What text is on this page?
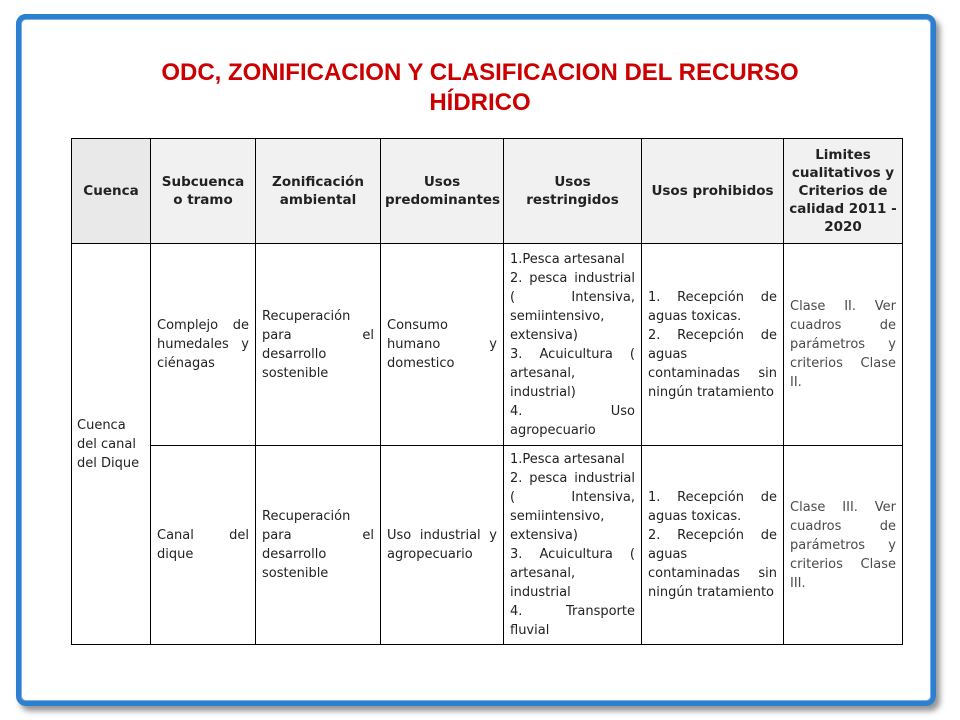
ODC, ZONIFICACION Y CLASIFICACION DEL RECURSO
HÍDRICO
Cuenca	Subcuenca o tramo	Zonificación ambiental	Usos predominantes	Usos restringidos	Usos prohibidos	Limites cualitativos y Criterios de calidad 2011 - 2020
Cuenca del canal del Dique	Complejo de humedales y ciénagas	Recuperación para el desarrollo sostenible	Consumo humano y domestico	1.Pesca artesanal
2. pesca industrial ( Intensiva, semiintensivo, extensiva)
3. Acuicultura ( artesanal, industrial)
4. Uso agropecuario	1. Recepción de aguas toxicas.
2. Recepción de aguas contaminadas sin ningún tratamiento	Clase II. Ver cuadros de parámetros y criterios Clase II.
	Canal del dique	Recuperación para el desarrollo sostenible	Uso industrial y agropecuario	1.Pesca artesanal
2. pesca industrial ( Intensiva, semiintensivo, extensiva)
3. Acuicultura ( artesanal, industrial
4. Transporte fluvial	1. Recepción de aguas toxicas.
2. Recepción de aguas contaminadas sin ningún tratamiento	Clase III. Ver cuadros de parámetros y criterios Clase III.
